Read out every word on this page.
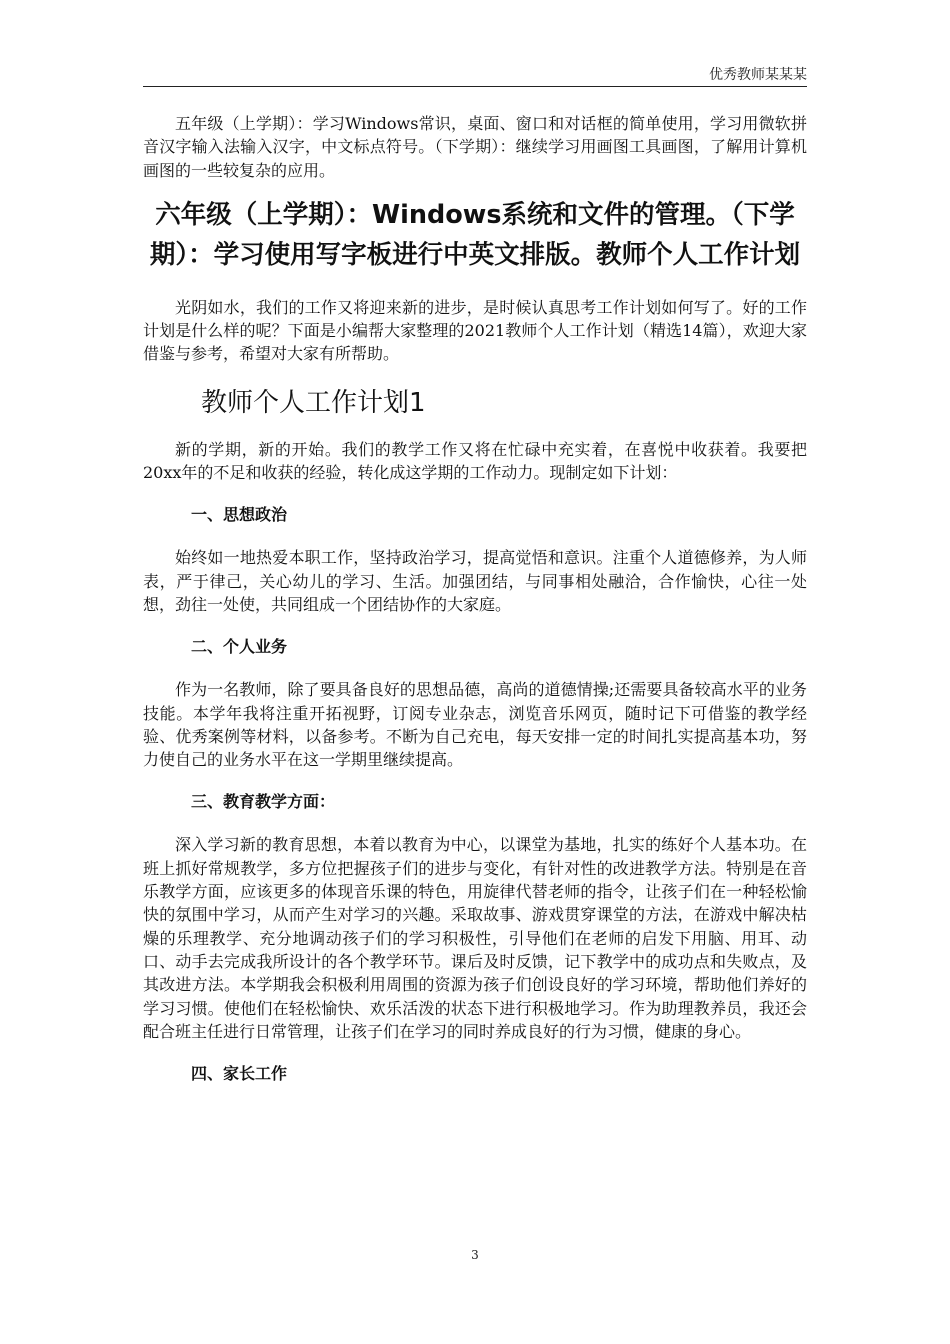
优秀教师某某某

五年级（上学期）：学习Windows常识，桌面、窗口和对话框的简单使用，学习用微软拼音汉字输入法输入汉字，中文标点符号。（下学期）：继续学习用画图工具画图，了解用计算机画图的一些较复杂的应用。

六年级（上学期）：Windows系统和文件的管理。（下学期）：学习使用写字板进行中英文排版。教师个人工作计划

光阴如水，我们的工作又将迎来新的进步，是时候认真思考工作计划如何写了。好的工作计划是什么样的呢？下面是小编帮大家整理的2021教师个人工作计划（精选14篇），欢迎大家借鉴与参考，希望对大家有所帮助。

教师个人工作计划1

新的学期，新的开始。我们的教学工作又将在忙碌中充实着，在喜悦中收获着。我要把20xx年的不足和收获的经验，转化成这学期的工作动力。现制定如下计划：

一、思想政治

始终如一地热爱本职工作，坚持政治学习，提高觉悟和意识。注重个人道德修养，为人师表，严于律己，关心幼儿的学习、生活。加强团结，与同事相处融洽，合作愉快，心往一处想，劲往一处使，共同组成一个团结协作的大家庭。

二、个人业务

作为一名教师，除了要具备良好的思想品德，高尚的道德情操;还需要具备较高水平的业务技能。本学年我将注重开拓视野，订阅专业杂志，浏览音乐网页，随时记下可借鉴的教学经验、优秀案例等材料，以备参考。不断为自己充电，每天安排一定的时间扎实提高基本功，努力使自己的业务水平在这一学期里继续提高。

三、教育教学方面：

深入学习新的教育思想，本着以教育为中心，以课堂为基地，扎实的练好个人基本功。在班上抓好常规教学，多方位把握孩子们的进步与变化，有针对性的改进教学方法。特别是在音乐教学方面，应该更多的体现音乐课的特色，用旋律代替老师的指令，让孩子们在一种轻松愉快的氛围中学习，从而产生对学习的兴趣。采取故事、游戏贯穿课堂的方法，在游戏中解决枯燥的乐理教学、充分地调动孩子们的学习积极性，引导他们在老师的启发下用脑、用耳、动口、动手去完成我所设计的各个教学环节。课后及时反馈，记下教学中的成功点和失败点，及其改进方法。本学期我会积极利用周围的资源为孩子们创设良好的学习环境，帮助他们养好的学习习惯。使他们在轻松愉快、欢乐活泼的状态下进行积极地学习。作为助理教养员，我还会配合班主任进行日常管理，让孩子们在学习的同时养成良好的行为习惯，健康的身心。

四、家长工作

3
